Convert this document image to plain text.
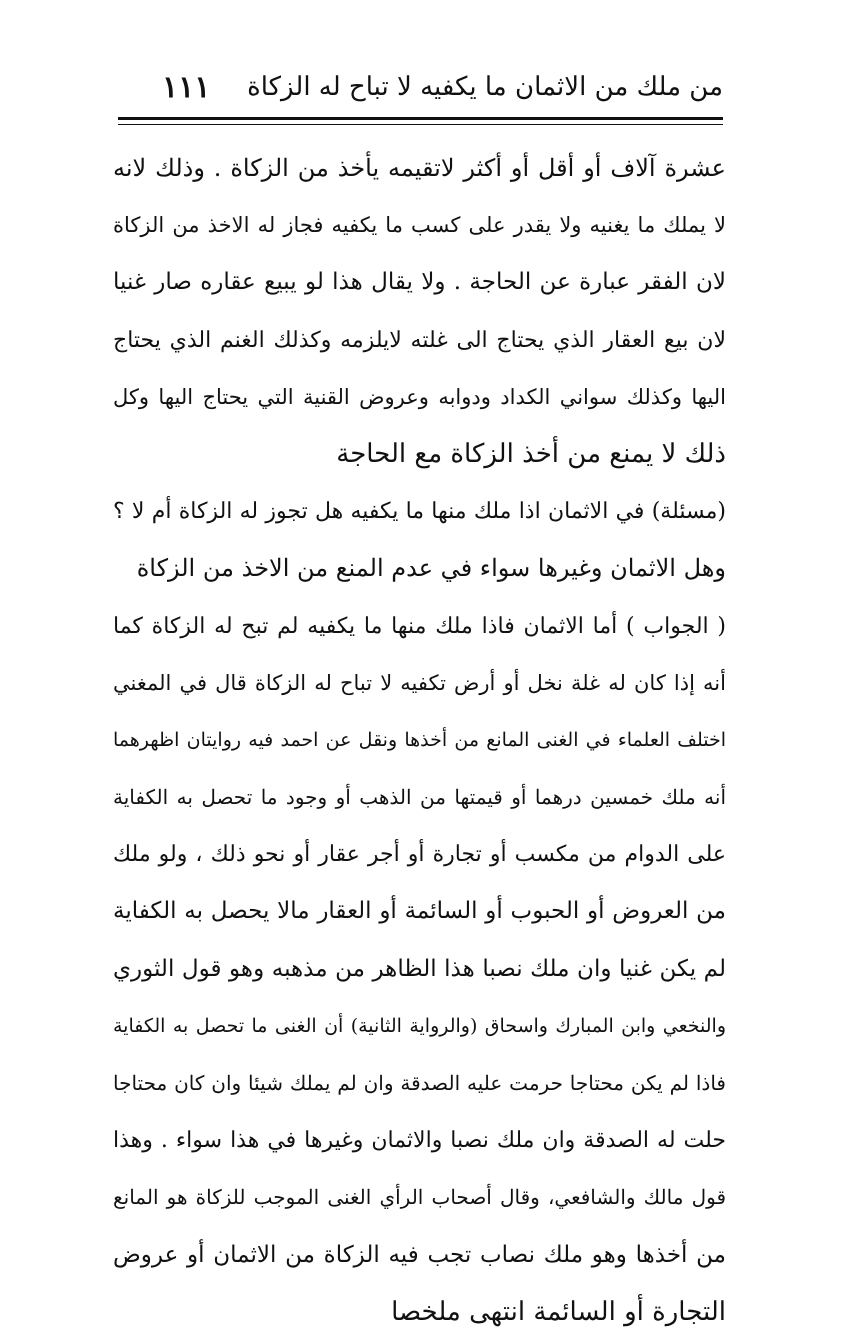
من ملك من الاثمان ما يكفيه لا تباح له الزكاة
١١١
عشرة آلاف أو أقل أو أكثر لاتقيمه يأخذ من الزكاة . وذلك لانه
لا يملك ما يغنيه ولا يقدر على كسب ما يكفيه فجاز له الاخذ من الزكاة
لان الفقر عبارة عن الحاجة . ولا يقال هذا لو يبيع عقاره صار غنيا
لان بيع العقار الذي يحتاج الى غلته لايلزمه وكذلك الغنم الذي يحتاج
اليها وكذلك سواني الكداد ودوابه وعروض القنية التي يحتاج اليها وكل
ذلك لا يمنع من أخذ الزكاة مع الحاجة
(مسئلة) في الاثمان اذا ملك منها ما يكفيه هل تجوز له الزكاة أم لا ؟
وهل الاثمان وغيرها سواء في عدم المنع من الاخذ من الزكاة
( الجواب ) أما الاثمان فاذا ملك منها ما يكفيه لم تبح له الزكاة كما
أنه إذا كان له غلة نخل أو أرض تكفيه لا تباح له الزكاة قال في المغني
اختلف العلماء في الغنى المانع من أخذها ونقل عن احمد فيه روايتان اظهرهما
أنه ملك خمسين درهما أو قيمتها من الذهب أو وجود ما تحصل به الكفاية
على الدوام من مكسب أو تجارة أو أجر عقار أو نحو ذلك ، ولو ملك
من العروض أو الحبوب أو السائمة أو العقار مالا يحصل به الكفاية
لم يكن غنيا وان ملك نصبا هذا الظاهر من مذهبه وهو قول الثوري
والنخعي وابن المبارك واسحاق (والرواية الثانية) أن الغنى ما تحصل به الكفاية
فاذا لم يكن محتاجا حرمت عليه الصدقة وان لم يملك شيئا وان كان محتاجا
حلت له الصدقة وان ملك نصبا والاثمان وغيرها في هذا سواء . وهذا
قول مالك والشافعي، وقال أصحاب الرأي الغنى الموجب للزكاة هو المانع
من أخذها وهو ملك نصاب تجب فيه الزكاة من الاثمان أو عروض
التجارة أو السائمة انتهى ملخصا
